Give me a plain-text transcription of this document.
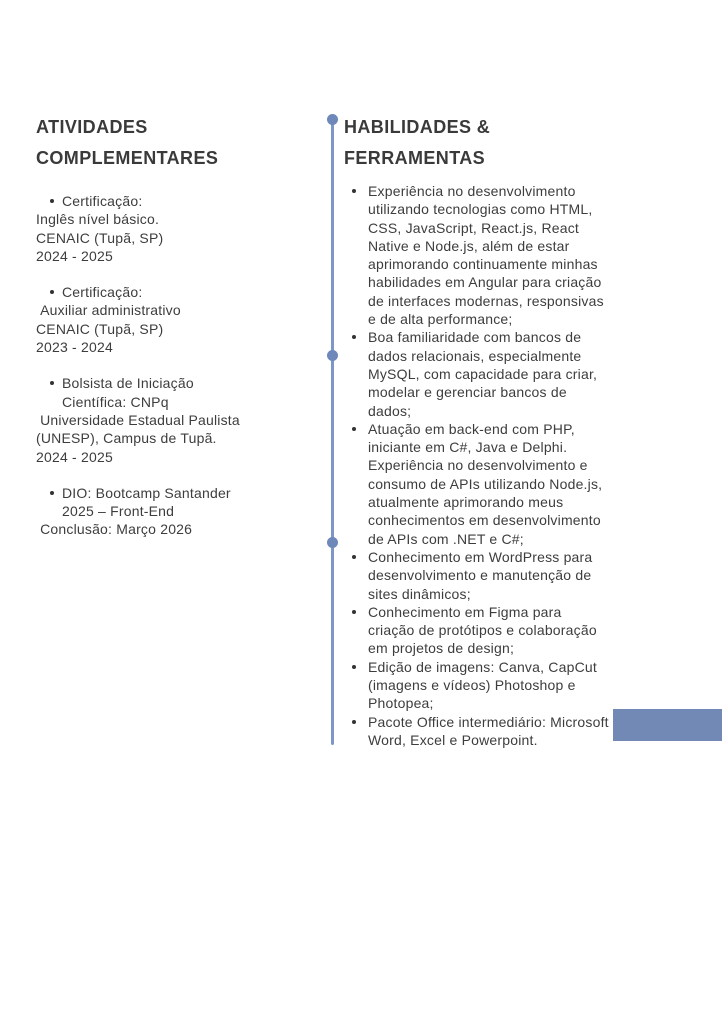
ATIVIDADES COMPLEMENTARES
Certificação:
Inglês nível básico.
CENAIC (Tupã, SP)
2024 - 2025
Certificação:
Auxiliar administrativo
CENAIC (Tupã, SP)
2023 - 2024
Bolsista de Iniciação Científica: CNPq
Universidade Estadual Paulista
(UNESP), Campus de Tupã.
2024 - 2025
DIO: Bootcamp Santander 2025 – Front-End
Conclusão: Março 2026
HABILIDADES & FERRAMENTAS
Experiência no desenvolvimento utilizando tecnologias como HTML, CSS, JavaScript, React.js, React Native e Node.js, além de estar aprimorando continuamente minhas habilidades em Angular para criação de interfaces modernas, responsivas e de alta performance;
Boa familiaridade com bancos de dados relacionais, especialmente MySQL, com capacidade para criar, modelar e gerenciar bancos de dados;
Atuação em back-end com PHP, iniciante em C#, Java e Delphi. Experiência no desenvolvimento e consumo de APIs utilizando Node.js, atualmente aprimorando meus conhecimentos em desenvolvimento de APIs com .NET e C#;
Conhecimento em WordPress para desenvolvimento e manutenção de sites dinâmicos;
Conhecimento em Figma para criação de protótipos e colaboração em projetos de design;
Edição de imagens: Canva, CapCut (imagens e vídeos) Photoshop e Photopea;
Pacote Office intermediário: Microsoft Word, Excel e Powerpoint.
